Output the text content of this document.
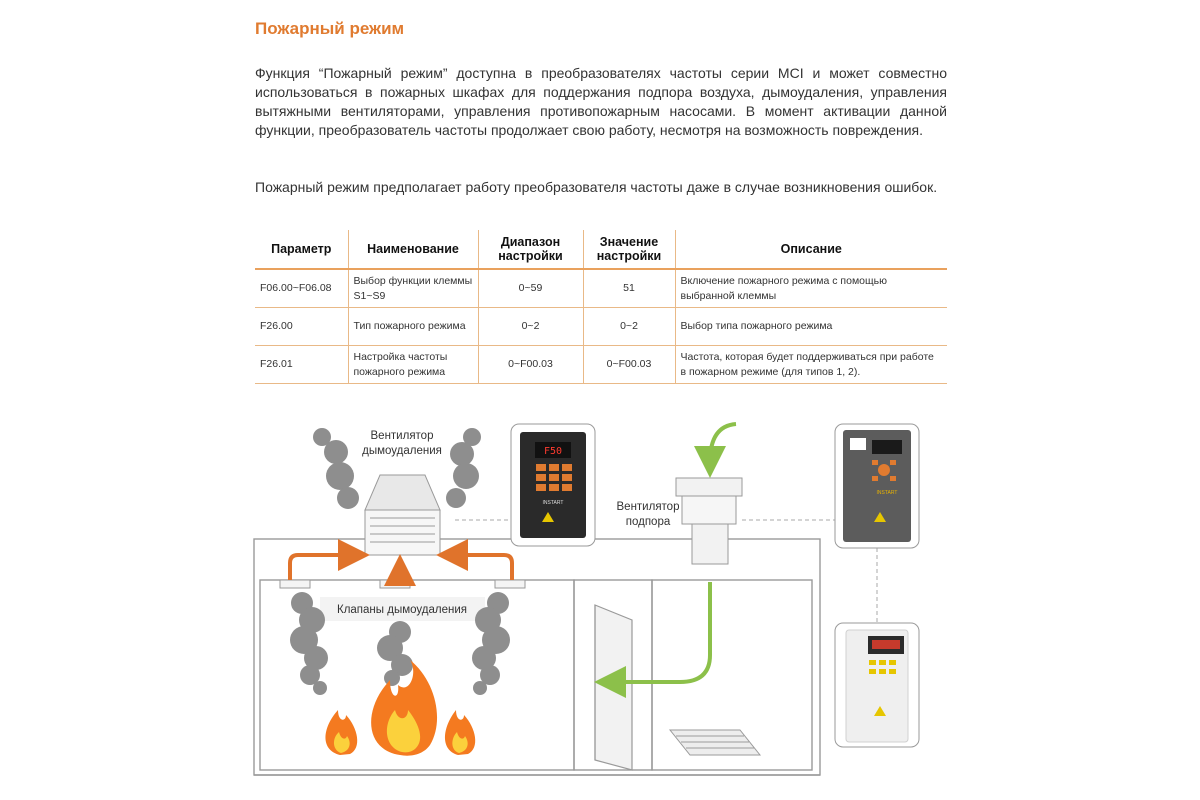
Пожарный режим

Функция “Пожарный режим” доступна в преобразователях частоты серии MCI и может совместно использоваться в пожарных шкафах для поддержания подпора воздуха, дымоудаления, управления вытяжными вентиляторами, управления противопожарным насосами. В момент активации данной функции, преобразователь частоты продолжает свою работу, несмотря на возможность повреждения.

Пожарный режим предполагает работу преобразователя частоты даже в случае возникновения ошибок.

Параметр	Наименование	Диапазон настройки	Значение настройки	Описание
F06.00~F06.08	Выбор функции клеммы S1~S9	0~59	51	Включение пожарного режима с помощью выбранной клеммы
F26.00	Тип пожарного режима	0~2	0~2	Выбор типа пожарного режима
F26.01	Настройка частоты пожарного режима	0~F00.03	0~F00.03	Частота, которая будет поддерживаться при работе в пожарном режиме (для типов 1, 2).
Клапаны дымоудаления
Вентилятор
дымоудаления
Вентилятор
подпора
F50
INSTART
INSTART
